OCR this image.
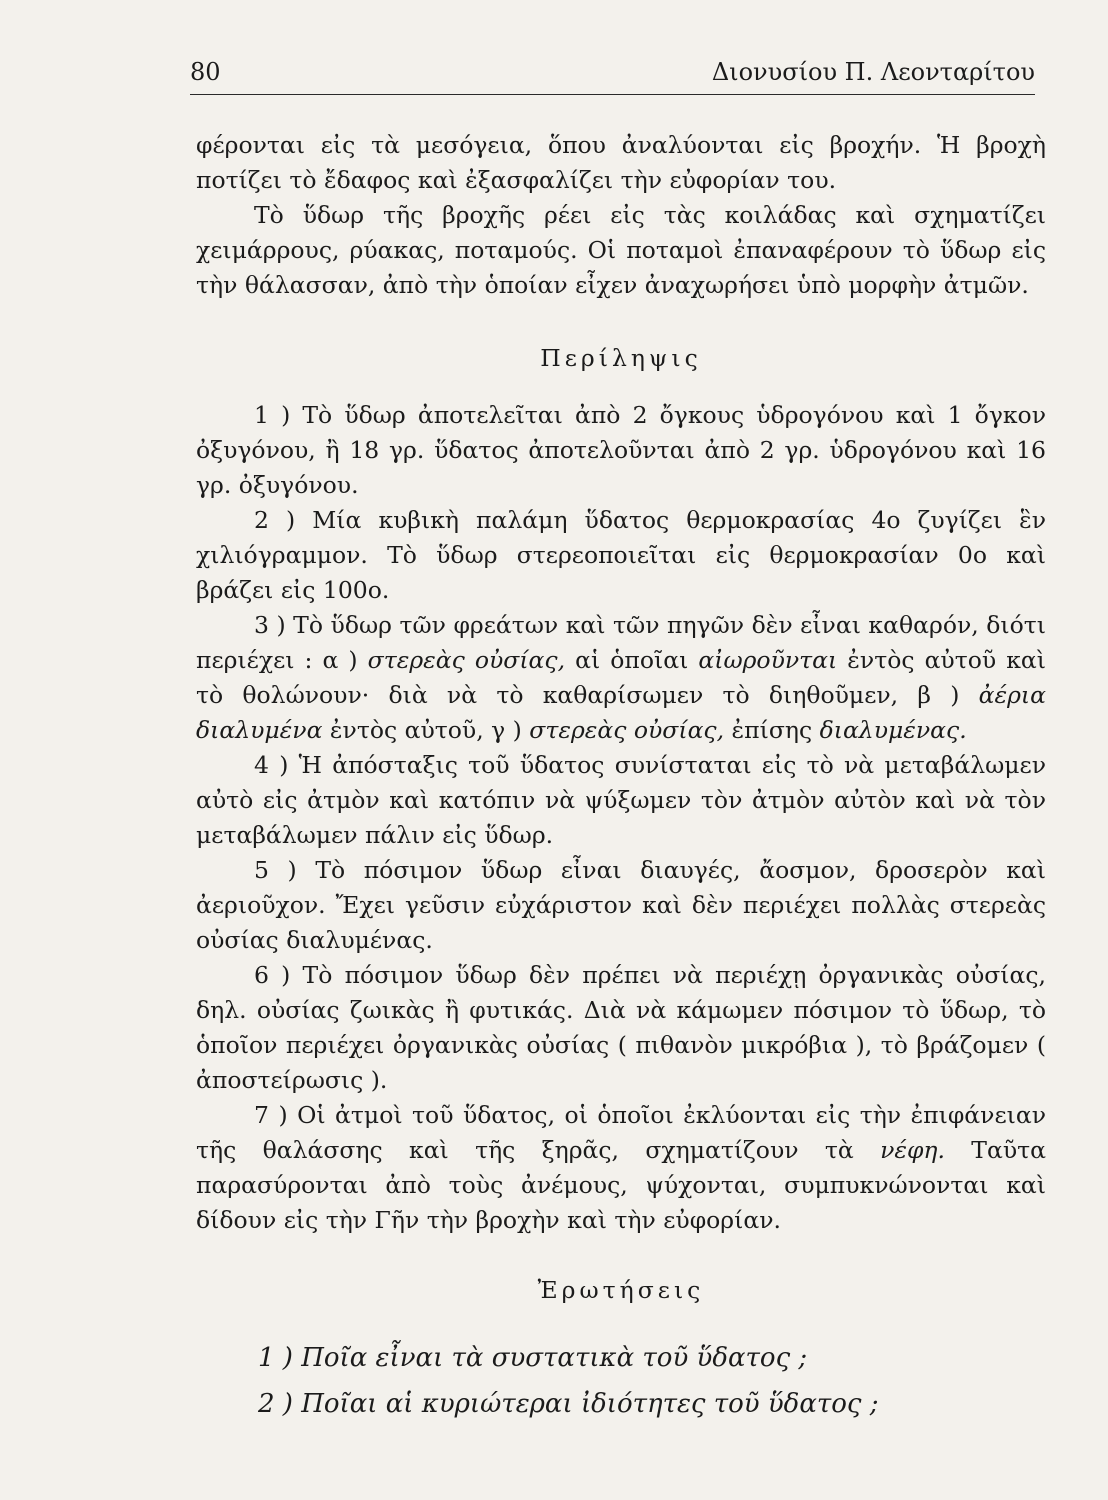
80	Διονυσίου Π. Λεονταρίτου

φέρονται εἰς τὰ μεσόγεια, ὅπου ἀναλύονται εἰς βροχήν. Ἡ βροχὴ ποτίζει τὸ ἔδαφος καὶ ἐξασφαλίζει τὴν εὐφορίαν του.

Τὸ ὕδωρ τῆς βροχῆς ρέει εἰς τὰς κοιλάδας καὶ σχηματίζει χειμάρρους, ρύακας, ποταμούς. Οἱ ποταμοὶ ἐπαναφέρουν τὸ ὕδωρ εἰς τὴν θάλασσαν, ἀπὸ τὴν ὁποίαν εἶχεν ἀναχωρήσει ὑπὸ μορφὴν ἀτμῶν.

Περίληψις

1 ) Τὸ ὕδωρ ἀποτελεῖται ἀπὸ 2 ὄγκους ὑδρογόνου καὶ 1 ὄγκον ὀξυγόνου, ἢ 18 γρ. ὕδατος ἀποτελοῦνται ἀπὸ 2 γρ. ὑδρογόνου καὶ 16 γρ. ὀξυγόνου.

2 ) Μία κυβικὴ παλάμη ὕδατος θερμοκρασίας 4ο ζυγίζει ἓν χιλιόγραμμον. Τὸ ὕδωρ στερεοποιεῖται εἰς θερμοκρασίαν 0ο καὶ βράζει εἰς 100ο.

3 ) Τὸ ὕδωρ τῶν φρεάτων καὶ τῶν πηγῶν δὲν εἶναι καθαρόν, διότι περιέχει : α ) στερεὰς οὐσίας, αἱ ὁποῖαι αἰωροῦνται ἐντὸς αὐτοῦ καὶ τὸ θολώνουν· διὰ νὰ τὸ καθαρίσωμεν τὸ διηθοῦμεν, β ) ἀέρια διαλυμένα ἐντὸς αὐτοῦ, γ ) στερεὰς οὐσίας, ἐπίσης διαλυμένας.

4 ) Ἡ ἀπόσταξις τοῦ ὕδατος συνίσταται εἰς τὸ νὰ μεταβάλωμεν αὐτὸ εἰς ἀτμὸν καὶ κατόπιν νὰ ψύξωμεν τὸν ἀτμὸν αὐτὸν καὶ νὰ τὸν μεταβάλωμεν πάλιν εἰς ὕδωρ.

5 ) Τὸ πόσιμον ὕδωρ εἶναι διαυγές, ἄοσμον, δροσερὸν καὶ ἀεριοῦχον. Ἔχει γεῦσιν εὐχάριστον καὶ δὲν περιέχει πολλὰς στερεὰς οὐσίας διαλυμένας.

6 ) Τὸ πόσιμον ὕδωρ δὲν πρέπει νὰ περιέχῃ ὀργανικὰς οὐσίας, δηλ. οὐσίας ζωικὰς ἢ φυτικάς. Διὰ νὰ κάμωμεν πόσιμον τὸ ὕδωρ, τὸ ὁποῖον περιέχει ὀργανικὰς οὐσίας ( πιθανὸν μικρόβια ), τὸ βράζομεν ( ἀποστείρωσις ).

7 ) Οἱ ἀτμοὶ τοῦ ὕδατος, οἱ ὁποῖοι ἐκλύονται εἰς τὴν ἐπιφάνειαν τῆς θαλάσσης καὶ τῆς ξηρᾶς, σχηματίζουν τὰ νέφη. Ταῦτα παρασύρονται ἀπὸ τοὺς ἀνέμους, ψύχονται, συμπυκνώνονται καὶ δίδουν εἰς τὴν Γῆν τὴν βροχὴν καὶ τὴν εὐφορίαν.

Ἐρωτήσεις

1 ) Ποῖα εἶναι τὰ συστατικὰ τοῦ ὕδατος ;

2 ) Ποῖαι αἱ κυριώτεραι ἰδιότητες τοῦ ὕδατος ;
